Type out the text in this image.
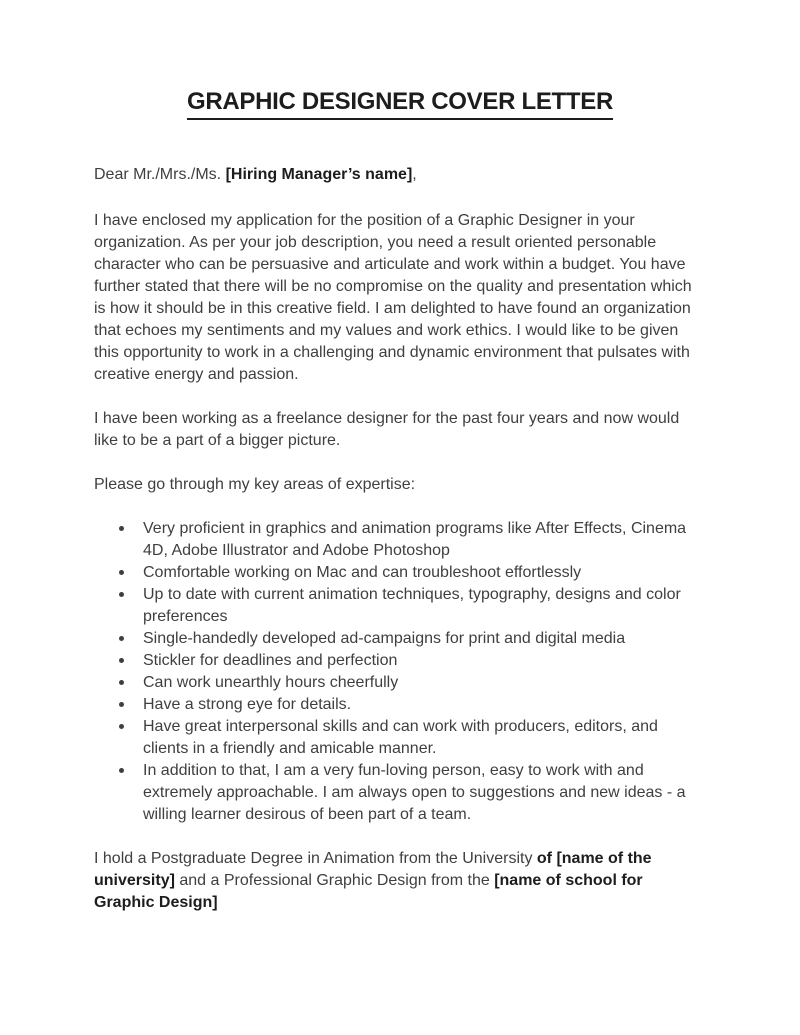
GRAPHIC DESIGNER COVER LETTER

Dear Mr./Mrs./Ms. [Hiring Manager’s name],

I have enclosed my application for the position of a Graphic Designer in your organization. As per your job description, you need a result oriented personable character who can be persuasive and articulate and work within a budget. You have further stated that there will be no compromise on the quality and presentation which is how it should be in this creative field. I am delighted to have found an organization that echoes my sentiments and my values and work ethics. I would like to be given this opportunity to work in a challenging and dynamic environment that pulsates with creative energy and passion.

I have been working as a freelance designer for the past four years and now would like to be a part of a bigger picture.

Please go through my key areas of expertise:

Very proficient in graphics and animation programs like After Effects, Cinema 4D, Adobe Illustrator and Adobe Photoshop
Comfortable working on Mac and can troubleshoot effortlessly
Up to date with current animation techniques, typography, designs and color preferences
Single-handedly developed ad-campaigns for print and digital media
Stickler for deadlines and perfection
Can work unearthly hours cheerfully
Have a strong eye for details.
Have great interpersonal skills and can work with producers, editors, and clients in a friendly and amicable manner.
In addition to that, I am a very fun-loving person, easy to work with and extremely approachable. I am always open to suggestions and new ideas - a willing learner desirous of been part of a team.

I hold a Postgraduate Degree in Animation from the University of [name of the university] and a Professional Graphic Design from the [name of school for Graphic Design]
